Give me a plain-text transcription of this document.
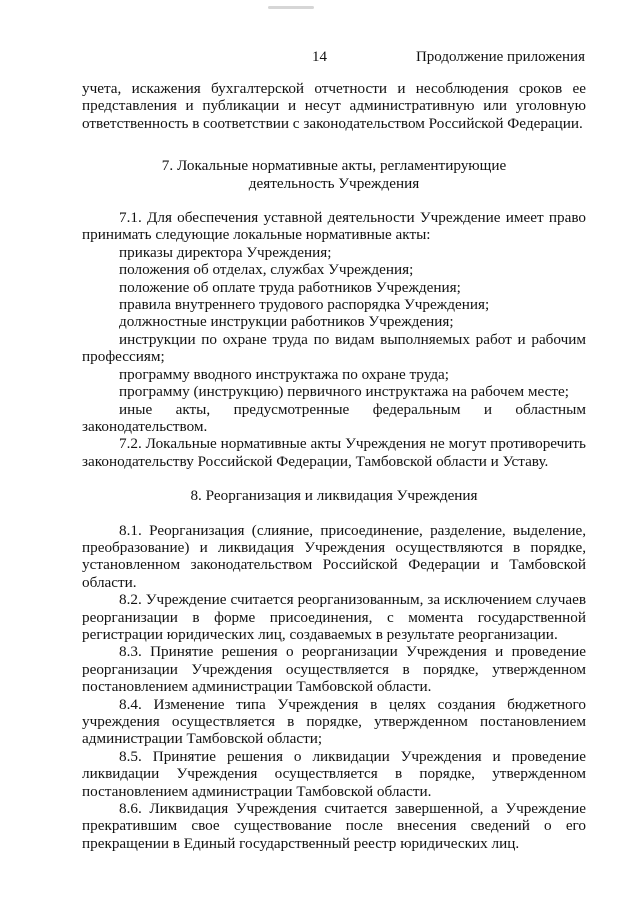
14	Продолжение приложения

учета, искажения бухгалтерской отчетности и несоблюдения сроков ее представления и публикации и несут административную или уголовную ответственность в соответствии с законодательством Российской Федерации.

7. Локальные нормативные акты, регламентирующие деятельность Учреждения

7.1. Для обеспечения уставной деятельности Учреждение имеет право принимать следующие локальные нормативные акты:

приказы директора Учреждения;
положения об отделах, службах Учреждения;
положение об оплате труда работников Учреждения;
правила внутреннего трудового распорядка Учреждения;
должностные инструкции работников Учреждения;
инструкции по охране труда по видам выполняемых работ и рабочим профессиям;
программу вводного инструктажа по охране труда;
программу (инструкцию) первичного инструктажа на рабочем месте;
иные акты, предусмотренные федеральным и областным законодательством.

7.2. Локальные нормативные акты Учреждения не могут противоречить законодательству Российской Федерации, Тамбовской области и Уставу.

8. Реорганизация и ликвидация Учреждения

8.1. Реорганизация (слияние, присоединение, разделение, выделение, преобразование) и ликвидация Учреждения осуществляются в порядке, установленном законодательством Российской Федерации и Тамбовской области.

8.2. Учреждение считается реорганизованным, за исключением случаев реорганизации в форме присоединения, с момента государственной регистрации юридических лиц, создаваемых в результате реорганизации.

8.3. Принятие решения о реорганизации Учреждения и проведение реорганизации Учреждения осуществляется в порядке, утвержденном постановлением администрации Тамбовской области.

8.4. Изменение типа Учреждения в целях создания бюджетного учреждения осуществляется в порядке, утвержденном постановлением администрации Тамбовской области;

8.5. Принятие решения о ликвидации Учреждения и проведение ликвидации Учреждения осуществляется в порядке, утвержденном постановлением администрации Тамбовской области.

8.6. Ликвидация Учреждения считается завершенной, а Учреждение прекратившим свое существование после внесения сведений о его прекращении в Единый государственный реестр юридических лиц.
